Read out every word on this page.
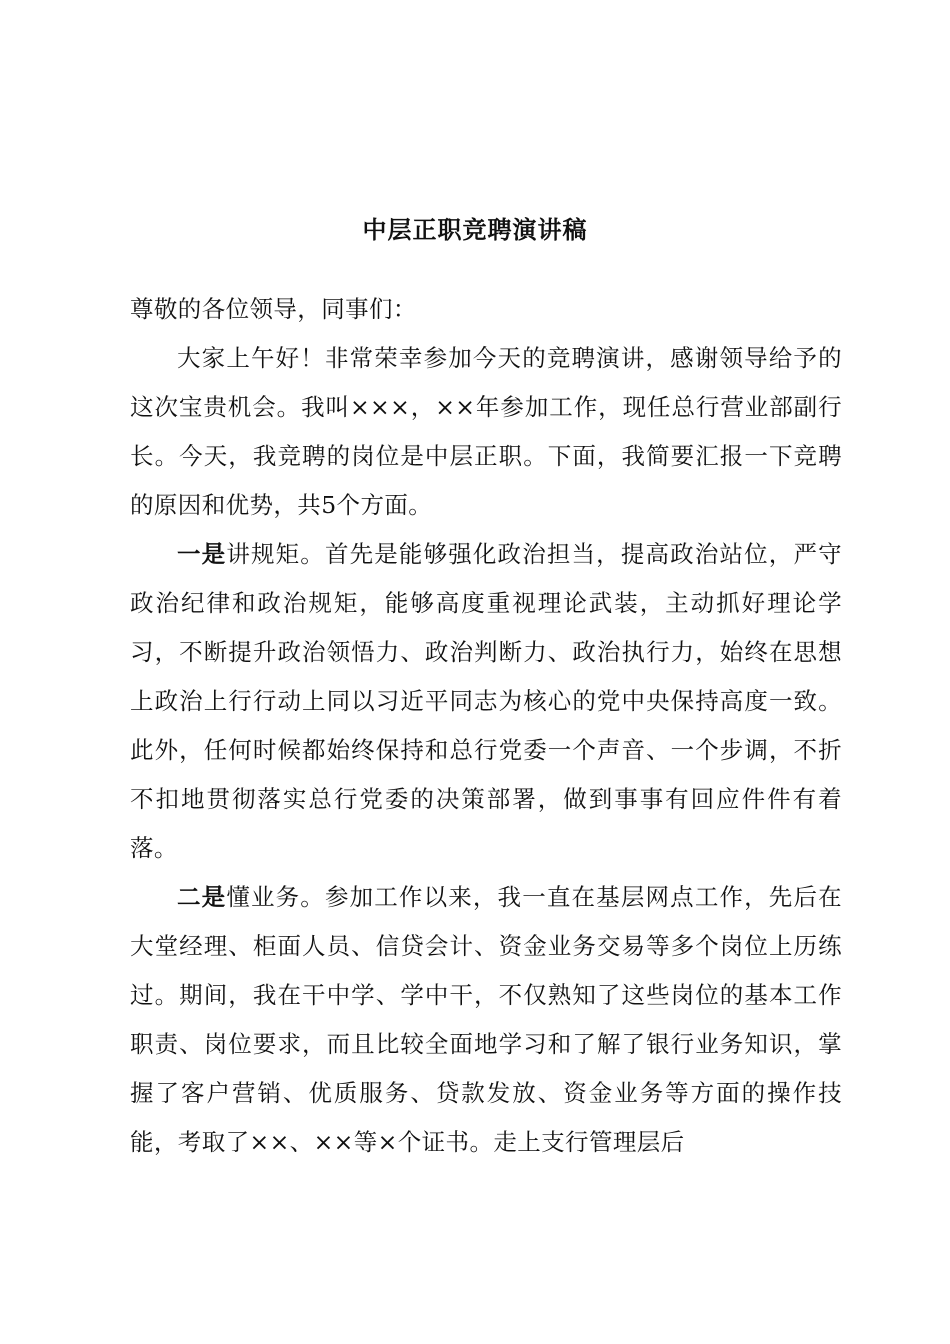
中层正职竞聘演讲稿

尊敬的各位领导，同事们：

大家上午好！非常荣幸参加今天的竞聘演讲，感谢领导给予的这次宝贵机会。我叫×××，××年参加工作，现任总行营业部副行长。今天，我竞聘的岗位是中层正职。下面，我简要汇报一下竞聘的原因和优势，共5个方面。

一是讲规矩。首先是能够强化政治担当，提高政治站位，严守政治纪律和政治规矩，能够高度重视理论武装，主动抓好理论学习，不断提升政治领悟力、政治判断力、政治执行力，始终在思想上政治上行行动上同以习近平同志为核心的党中央保持高度一致。此外，任何时候都始终保持和总行党委一个声音、一个步调，不折不扣地贯彻落实总行党委的决策部署，做到事事有回应件件有着落。

二是懂业务。参加工作以来，我一直在基层网点工作，先后在大堂经理、柜面人员、信贷会计、资金业务交易等多个岗位上历练过。期间，我在干中学、学中干，不仅熟知了这些岗位的基本工作职责、岗位要求，而且比较全面地学习和了解了银行业务知识，掌握了客户营销、优质服务、贷款发放、资金业务等方面的操作技能，考取了××、××等×个证书。走上支行管理层后
